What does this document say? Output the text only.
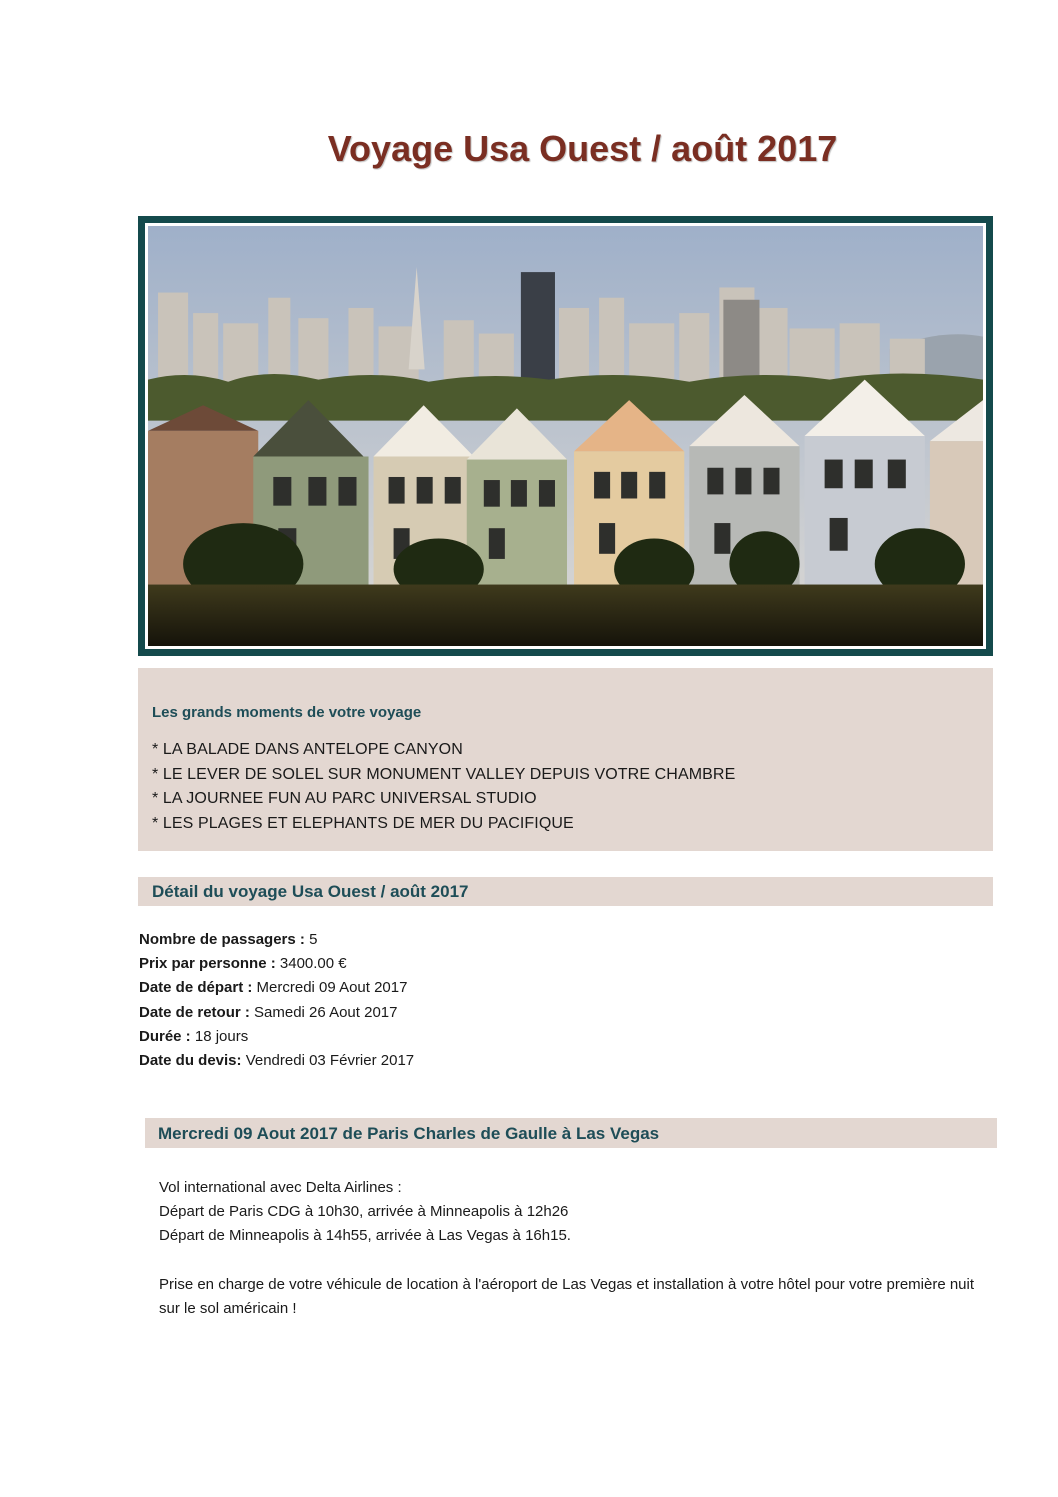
Voyage Usa Ouest / août 2017
Les grands moments de votre voyage
* LA BALADE DANS ANTELOPE CANYON
* LE LEVER DE SOLEL SUR MONUMENT VALLEY DEPUIS VOTRE CHAMBRE
* LA JOURNEE FUN AU PARC UNIVERSAL STUDIO
* LES PLAGES ET ELEPHANTS DE MER DU PACIFIQUE
Détail du voyage Usa Ouest / août 2017
Nombre de passagers : 5
Prix par personne : 3400.00 €
Date de départ : Mercredi 09 Aout 2017
Date de retour : Samedi 26 Aout 2017
Durée : 18 jours
Date du devis: Vendredi 03 Février 2017
Mercredi 09 Aout 2017 de Paris Charles de Gaulle à Las Vegas

Vol international avec Delta Airlines :

Départ de Paris CDG à 10h30, arrivée à Minneapolis à 12h26

Départ de Minneapolis à 14h55, arrivée à Las Vegas à 16h15.

Prise en charge de votre véhicule de location à l'aéroport de Las Vegas et installation à votre hôtel pour votre première nuit sur le sol américain !
